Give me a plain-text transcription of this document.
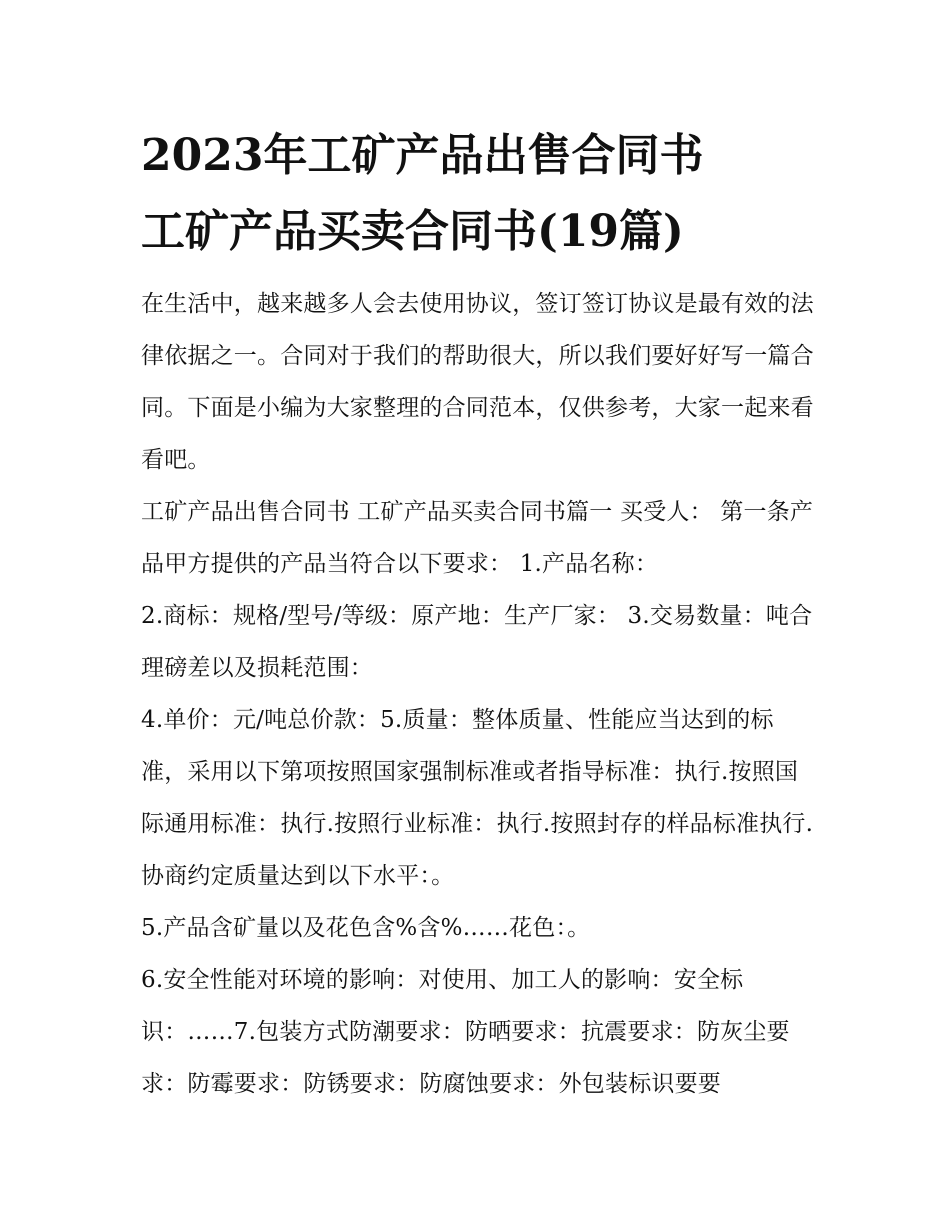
2023年工矿产品出售合同书
工矿产品买卖合同书(19篇)

在生活中，越来越多人会去使用协议，签订签订协议是最有效的法律依据之一。合同对于我们的帮助很大，所以我们要好好写一篇合同。下面是小编为大家整理的合同范本，仅供参考，大家一起来看看吧。

工矿产品出售合同书 工矿产品买卖合同书篇一 买受人： 第一条产品甲方提供的产品当符合以下要求： 1.产品名称：

2.商标：规格/型号/等级：原产地：生产厂家： 3.交易数量：吨合理磅差以及损耗范围：

4.单价：元/吨总价款：5.质量：整体质量、性能应当达到的标准，采用以下第项按照国家强制标准或者指导标准：执行.按照国际通用标准：执行.按照行业标准：执行.按照封存的样品标准执行.协商约定质量达到以下水平：。

5.产品含矿量以及花色含%含%……花色：。

6.安全性能对环境的影响：对使用、加工人的影响：安全标识：……7.包装方式防潮要求：防晒要求：抗震要求：防灰尘要求：防霉要求：防锈要求：防腐蚀要求：外包装标识要要
